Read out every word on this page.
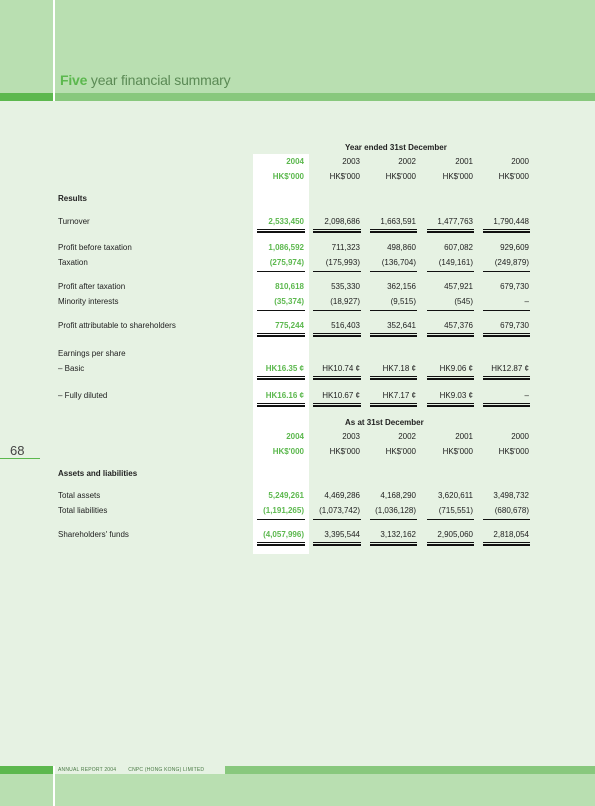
Five year financial summary
68
Year ended 31st December
2004	2003	2002	2001	2000
HK$'000	HK$'000	HK$'000	HK$'000	HK$'000
Results
Turnover	2,533,450	2,098,686	1,663,591	1,477,763	1,790,448
Profit before taxation	1,086,592	711,323	498,860	607,082	929,609
Taxation	(275,974)	(175,993)	(136,704)	(149,161)	(249,879)
Profit after taxation	810,618	535,330	362,156	457,921	679,730
Minority interests	(35,374)	(18,927)	(9,515)	(545)	–
Profit attributable to shareholders	775,244	516,403	352,641	457,376	679,730
Earnings per share
– Basic	HK16.35 ¢	HK10.74 ¢	HK7.18 ¢	HK9.06 ¢	HK12.87 ¢
– Fully diluted	HK16.16 ¢	HK10.67 ¢	HK7.17 ¢	HK9.03 ¢	–
As at 31st December
2004	2003	2002	2001	2000
HK$'000	HK$'000	HK$'000	HK$'000	HK$'000
Assets and liabilities
Total assets	5,249,261	4,469,286	4,168,290	3,620,611	3,498,732
Total liabilities	(1,191,265)	(1,073,742)	(1,036,128)	(715,551)	(680,678)
Shareholders' funds	(4,057,996)	3,395,544	3,132,162	2,905,060	2,818,054
ANNUAL REPORT 2004 CNPC (HONG KONG) LIMITED
